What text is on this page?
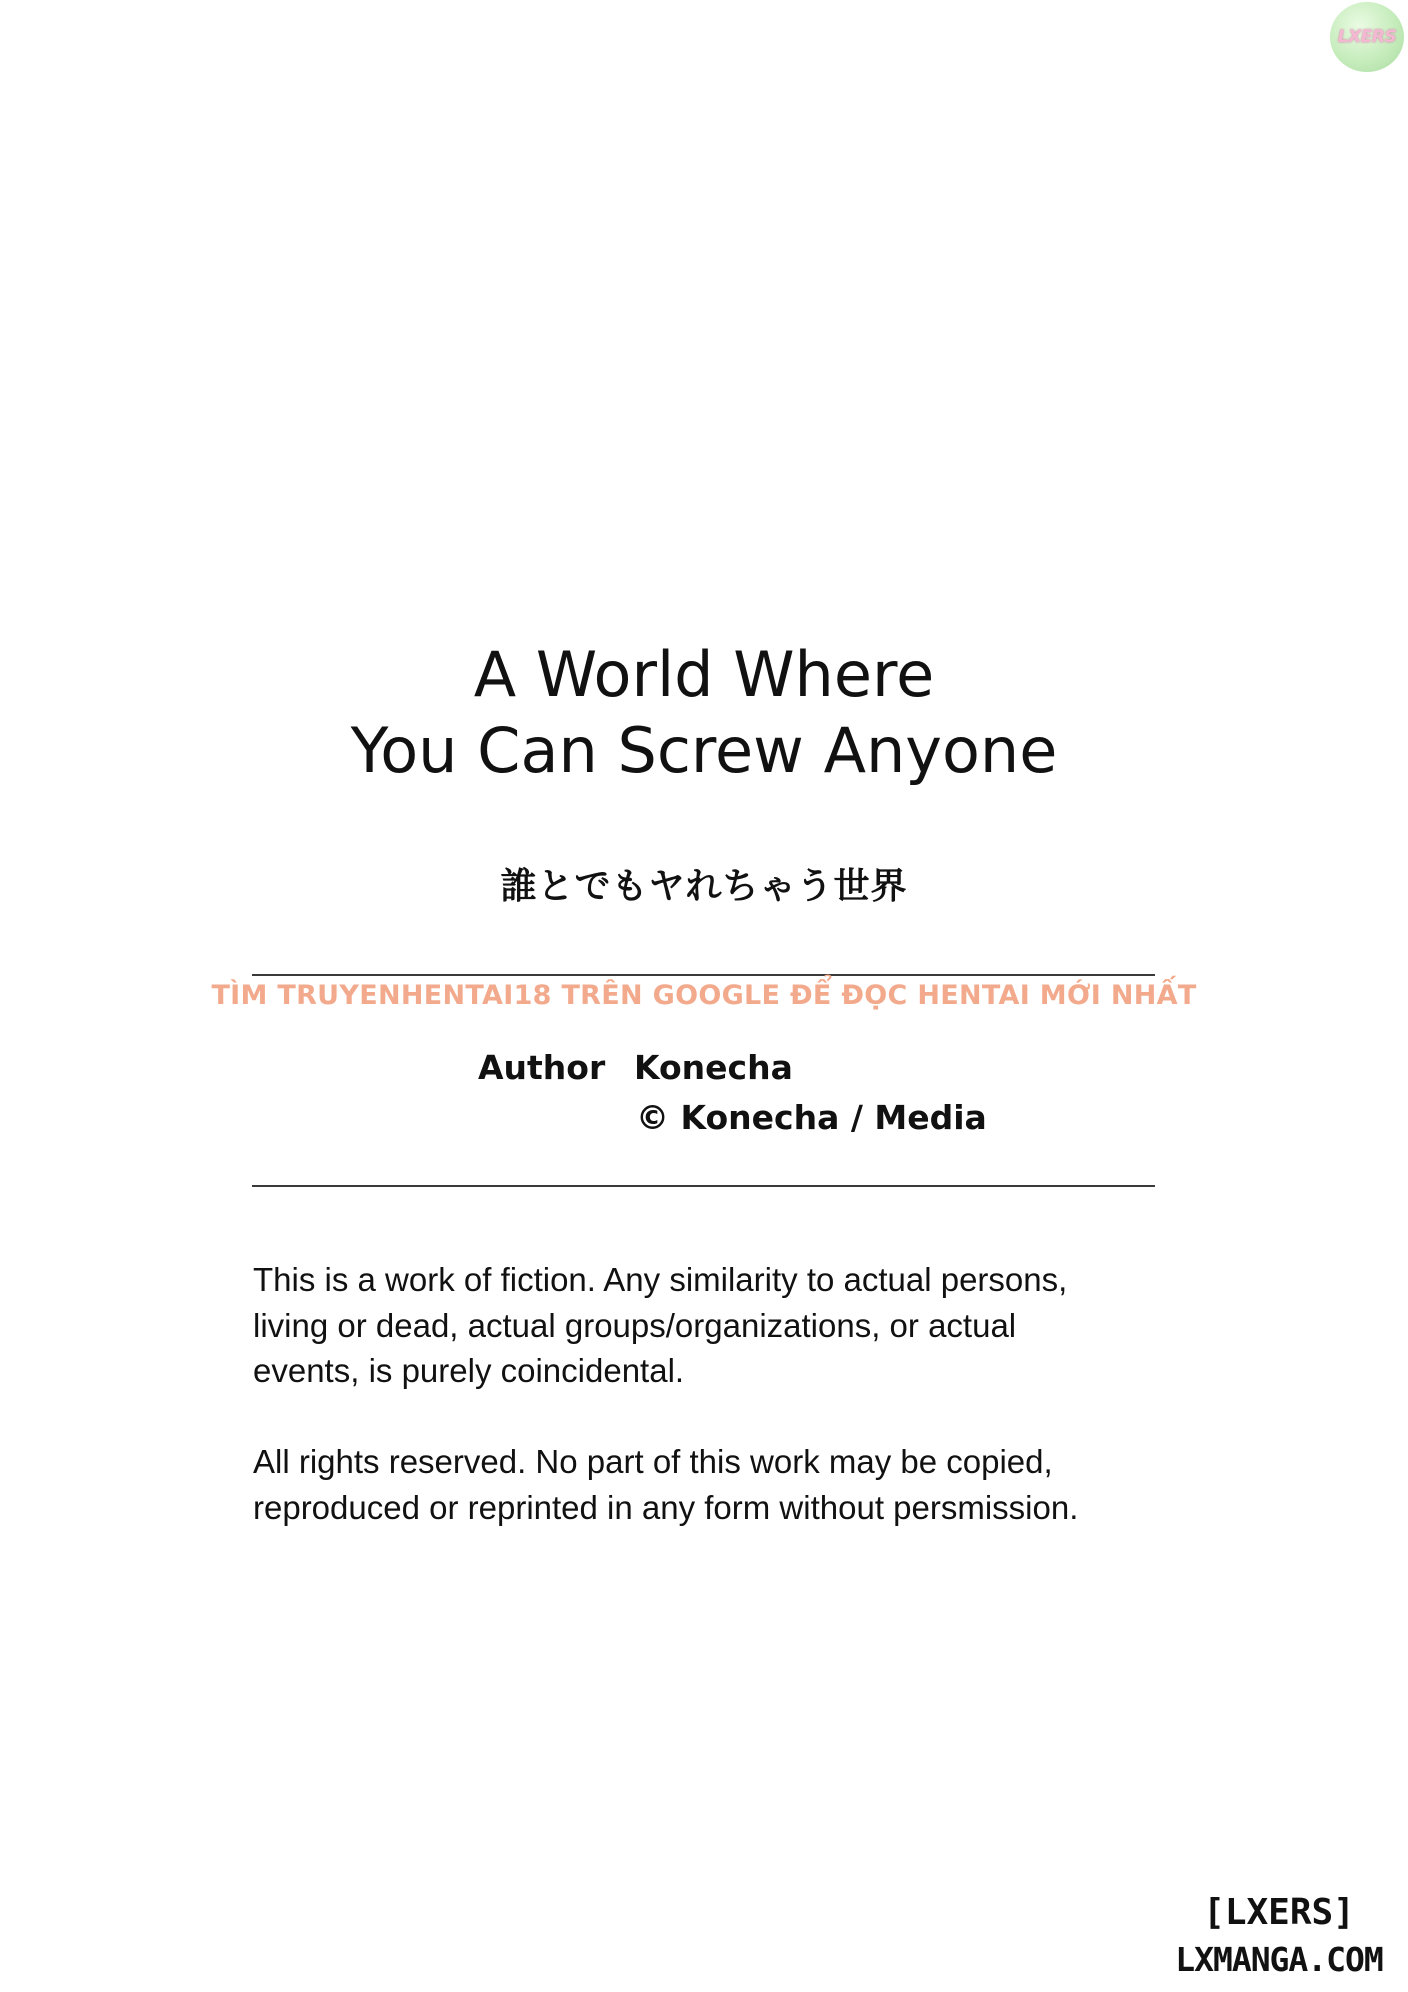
LXERS
A World Where
You Can Screw Anyone
誰とでもヤれちゃう世界
TÌM TRUYENHENTAI18 TRÊN GOOGLE ĐỂ ĐỌC HENTAI MỚI NHẤT
Author Konecha
© Konecha / Media
This is a work of fiction. Any similarity to actual persons,
living or dead, actual groups/organizations, or actual
events, is purely coincidental.
All rights reserved. No part of this work may be copied,
reproduced or reprinted in any form without persmission.
[LXERS]
LXMANGA.COM
